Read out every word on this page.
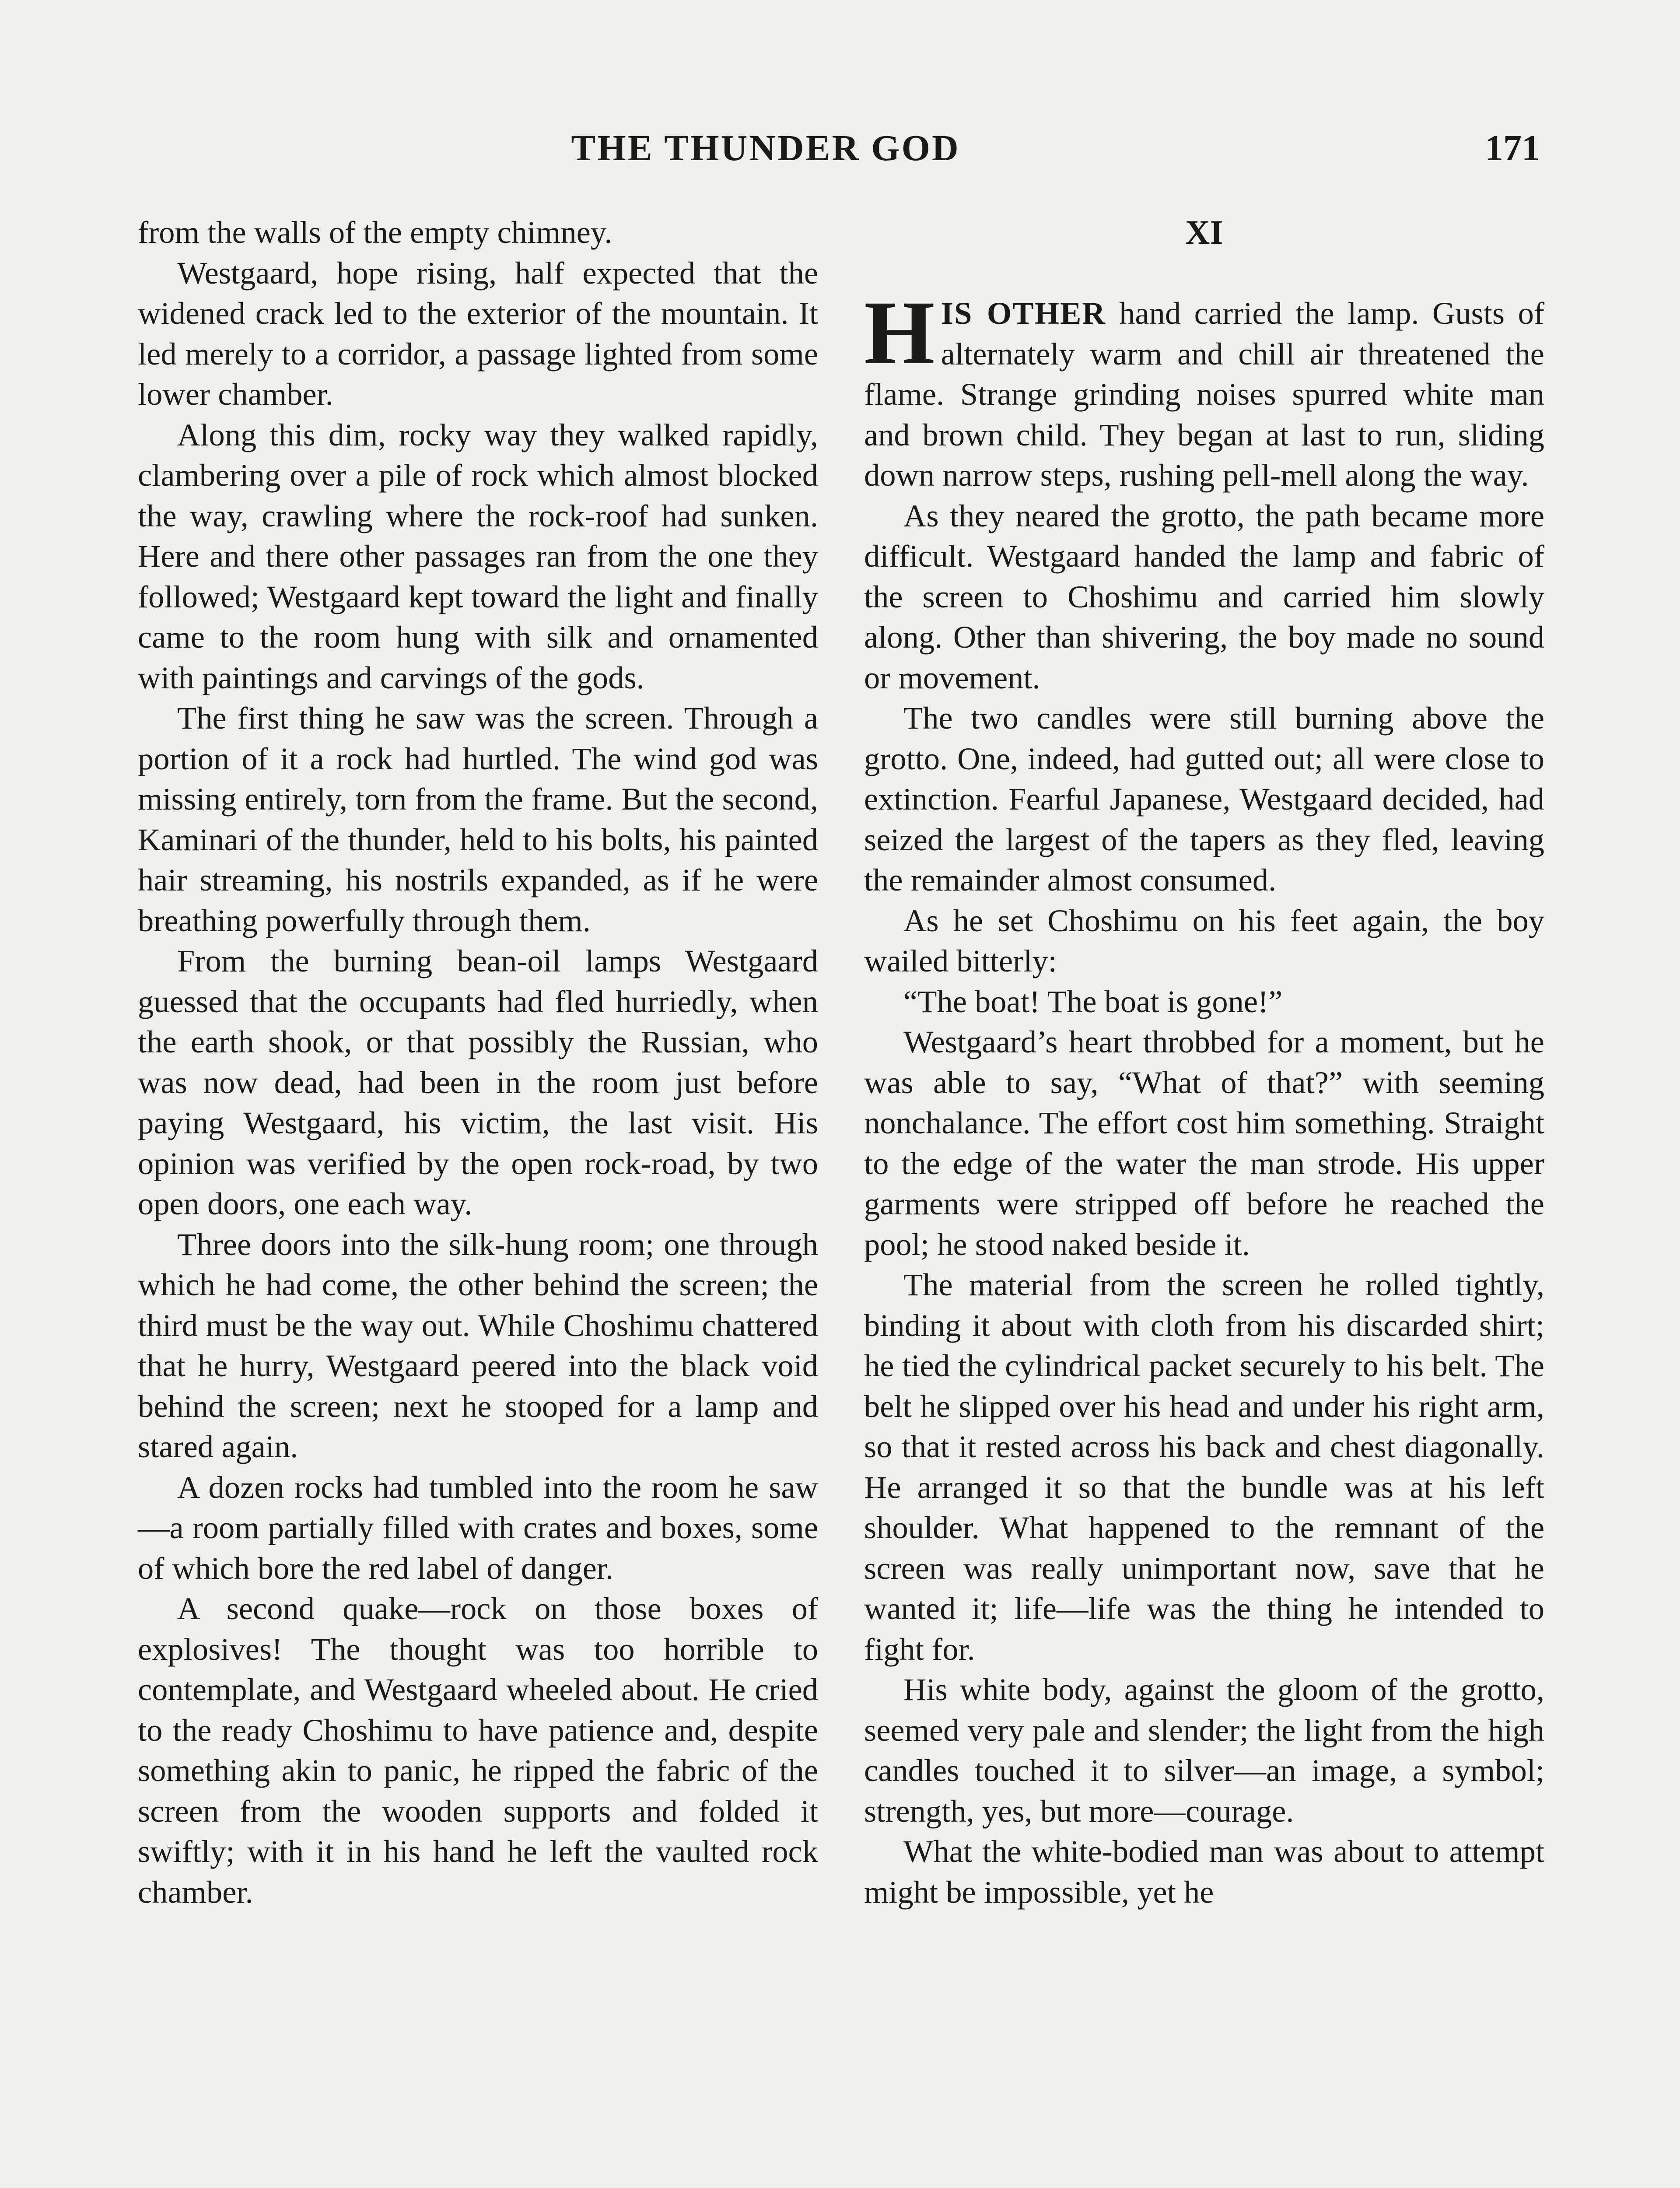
THE THUNDER GOD	171

from the walls of the empty chimney.

Westgaard, hope rising, half expected that the widened crack led to the exterior of the mountain. It led merely to a corridor, a passage lighted from some lower chamber.

Along this dim, rocky way they walked rapidly, clambering over a pile of rock which almost blocked the way, crawling where the rock-roof had sunken. Here and there other passages ran from the one they followed; Westgaard kept toward the light and finally came to the room hung with silk and ornamented with paintings and carvings of the gods.

The first thing he saw was the screen. Through a portion of it a rock had hurtled. The wind god was missing entirely, torn from the frame. But the second, Kaminari of the thunder, held to his bolts, his painted hair streaming, his nostrils expanded, as if he were breathing powerfully through them.

From the burning bean-oil lamps Westgaard guessed that the occupants had fled hurriedly, when the earth shook, or that possibly the Russian, who was now dead, had been in the room just before paying Westgaard, his victim, the last visit. His opinion was verified by the open rock-road, by two open doors, one each way.

Three doors into the silk-hung room; one through which he had come, the other behind the screen; the third must be the way out. While Choshimu chattered that he hurry, Westgaard peered into the black void behind the screen; next he stooped for a lamp and stared again.

A dozen rocks had tumbled into the room he saw—a room partially filled with crates and boxes, some of which bore the red label of danger.

A second quake—rock on those boxes of explosives! The thought was too horrible to contemplate, and Westgaard wheeled about. He cried to the ready Choshimu to have patience and, despite something akin to panic, he ripped the fabric of the screen from the wooden supports and folded it swiftly; with it in his hand he left the vaulted rock chamber.

XI

HIS OTHER hand carried the lamp. Gusts of alternately warm and chill air threatened the flame. Strange grinding noises spurred white man and brown child. They began at last to run, sliding down narrow steps, rushing pell-mell along the way.

As they neared the grotto, the path became more difficult. Westgaard handed the lamp and fabric of the screen to Choshimu and carried him slowly along. Other than shivering, the boy made no sound or movement.

The two candles were still burning above the grotto. One, indeed, had gutted out; all were close to extinction. Fearful Japanese, Westgaard decided, had seized the largest of the tapers as they fled, leaving the remainder almost consumed.

As he set Choshimu on his feet again, the boy wailed bitterly:

“The boat! The boat is gone!”

Westgaard’s heart throbbed for a moment, but he was able to say, “What of that?” with seeming nonchalance. The effort cost him something. Straight to the edge of the water the man strode. His upper garments were stripped off before he reached the pool; he stood naked beside it.

The material from the screen he rolled tightly, binding it about with cloth from his discarded shirt; he tied the cylindrical packet securely to his belt. The belt he slipped over his head and under his right arm, so that it rested across his back and chest diagonally. He arranged it so that the bundle was at his left shoulder. What happened to the remnant of the screen was really unimportant now, save that he wanted it; life—life was the thing he intended to fight for.

His white body, against the gloom of the grotto, seemed very pale and slender; the light from the high candles touched it to silver—an image, a symbol; strength, yes, but more—courage.

What the white-bodied man was about to attempt might be impossible, yet he
